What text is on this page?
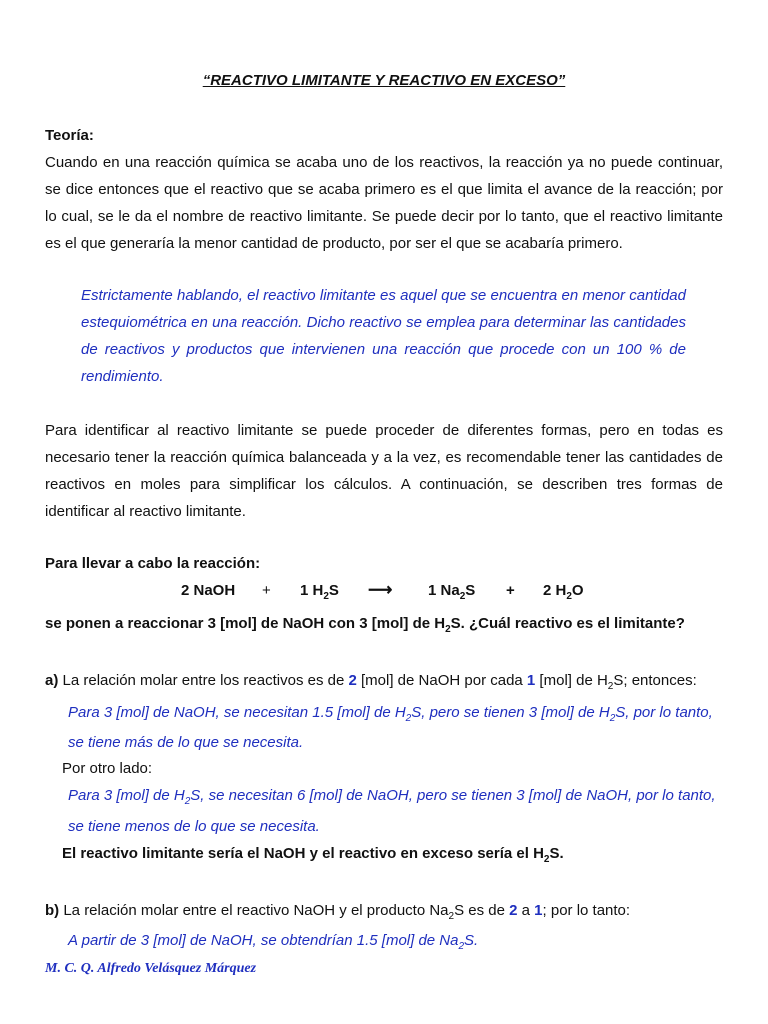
“REACTIVO LIMITANTE Y REACTIVO EN EXCESO”
Teoría:
Cuando en una reacción química se acaba uno de los reactivos, la reacción ya no puede continuar, se dice entonces que el reactivo que se acaba primero es el que limita el avance de la reacción; por lo cual, se le da el nombre de reactivo limitante. Se puede decir por lo tanto, que el reactivo limitante es el que generaría la menor cantidad de producto, por ser el que se acabaría primero.
Estrictamente hablando, el reactivo limitante es aquel que se encuentra en menor cantidad estequiométrica en una reacción. Dicho reactivo se emplea para determinar las cantidades de reactivos y productos que intervienen una reacción que procede con un 100 % de rendimiento.
Para identificar al reactivo limitante se puede proceder de diferentes formas, pero en todas es necesario tener la reacción química balanceada y a la vez, es recomendable tener las cantidades de reactivos en moles para simplificar los cálculos. A continuación, se describen tres formas de identificar al reactivo limitante.
Para llevar a cabo la reacción:
2 NaOH + 1 $H_2S$ ⟶ 1 $Na_2S + 2$ $H_2O$
se ponen a reaccionar 3 [mol] de NaOH con 3 [mol] de $H_2S$. ¿Cuál reactivo es el limitante?
a) La relación molar entre los reactivos es de 2 [mol] de NaOH por cada 1 [mol] de $H_2S$; entonces:
Para 3 [mol] de NaOH, se necesitan 1.5 [mol] de $H_2S$, pero se tienen 3 [mol] de $H_2S$, por lo tanto,
se tiene más de lo que se necesita.
Por otro lado:
Para 3 [mol] de $H_2S$, se necesitan 6 [mol] de NaOH, pero se tienen 3 [mol] de NaOH, por lo tanto,
se tiene menos de lo que se necesita.
El reactivo limitante sería el NaOH y el reactivo en exceso sería el $H_2S$.
b) La relación molar entre el reactivo NaOH y el producto $Na_2S$ es de 2 a 1; por lo tanto:
A partir de 3 [mol] de NaOH, se obtendrían 1.5 [mol] de $Na_2S$.
M. C. Q. Alfredo Velásquez Márquez
